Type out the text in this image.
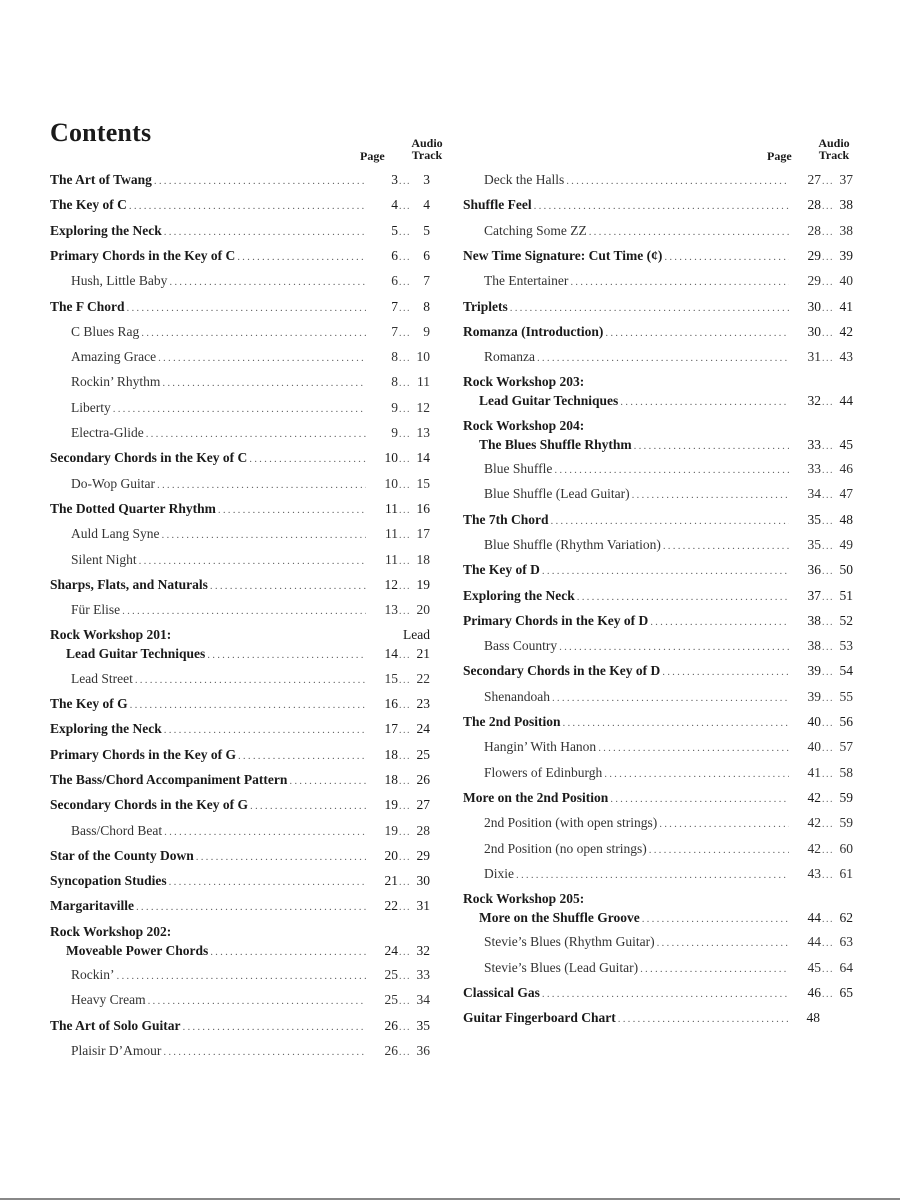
Contents
Page
Audio
Track
The Art of Twang .....	3 ........	3
The Key of C .....	4 ........	4
Exploring the Neck .....	5 ........	5
Primary Chords in the Key of C .....	6 ........	6
Hush, Little Baby .....	6 ........	7
The F Chord .....	7 ........	8
C Blues Rag .....	7 ........	9
Amazing Grace .....	8 ........	10
Rockin’ Rhythm .....	8 ........	11
Liberty .....	9 ........	12
Electra-Glide .....	9 ........	13
Secondary Chords in the Key of C .....	10 ........	14
Do-Wop Guitar .....	10 ........	15
The Dotted Quarter Rhythm .....	11 ........	16
Auld Lang Syne .....	11 ........	17
Silent Night .....	11 ........	18
Sharps, Flats, and Naturals .....	12 ........	19
Für Elise .....	13 ........	20
Rock Workshop 201:	Lead
Lead Guitar Techniques .....	14 ........	21
Lead Street .....	15 ........	22
The Key of G .....	16 ........	23
Exploring the Neck .....	17 ........	24
Primary Chords in the Key of G .....	18 ........	25
The Bass/Chord Accompaniment Pattern .....	18 ........	26
Secondary Chords in the Key of G .....	19 ........	27
Bass/Chord Beat .....	19 ........	28
Star of the County Down .....	20 ........	29
Syncopation Studies .....	21 ........	30
Margaritaville .....	22 ........	31
Rock Workshop 202:
Moveable Power Chords .....	24 ........	32
Rockin’ .....	25 ........	33
Heavy Cream .....	25 ........	34
The Art of Solo Guitar .....	26 ........	35
Plaisir D’Amour .....	26 ........	36
Page
Audio
Track
Deck the Halls .....	27 ........	37
Shuffle Feel .....	28 ........	38
Catching Some ZZ .....	28 ........	38
New Time Signature: Cut Time (¢) .....	29 ........	39
The Entertainer .....	29 ........	40
Triplets .....	30 ........	41
Romanza (Introduction) .....	30 ........	42
Romanza .....	31 ........	43
Rock Workshop 203:
Lead Guitar Techniques .....	32 ........	44
Rock Workshop 204:
The Blues Shuffle Rhythm .....	33 ........	45
Blue Shuffle .....	33 ........	46
Blue Shuffle (Lead Guitar) .....	34 ........	47
The 7th Chord .....	35 ........	48
Blue Shuffle (Rhythm Variation) .....	35 ........	49
The Key of D .....	36 ........	50
Exploring the Neck .....	37 ........	51
Primary Chords in the Key of D .....	38 ........	52
Bass Country .....	38 ........	53
Secondary Chords in the Key of D .....	39 ........	54
Shenandoah .....	39 ........	55
The 2nd Position .....	40 ........	56
Hangin’ With Hanon .....	40 ........	57
Flowers of Edinburgh .....	41 ........	58
More on the 2nd Position .....	42 ........	59
2nd Position (with open strings) .....	42 ........	59
2nd Position (no open strings) .....	42 ........	60
Dixie .....	43 ........	61
Rock Workshop 205:
More on the Shuffle Groove .....	44 ........	62
Stevie’s Blues (Rhythm Guitar) .....	44 ........	63
Stevie’s Blues (Lead Guitar) .....	45 ........	64
Classical Gas .....	46 ........	65
Guitar Fingerboard Chart .....	48
